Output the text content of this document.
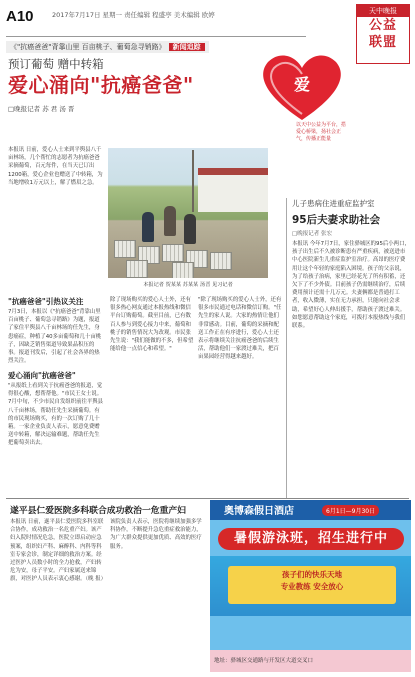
A10	2017年7月17日 星期一 责任编辑 程盛亭 美术编辑 欧婷	天中晚报
公益
联盟
《"抗癌爸爸"背靠山里 百亩桃子、葡萄急寻销路》 新闻追踪
预订葡萄 赠中转箱
爱心涌向"抗癌爸爸"	爱
以天中公益为平台，搭爱心桥梁，扬社会正气，传播正能量
□晚报记者 苏 君 汤 晋
本报讯 日前，爱心人士来到平舆县八千亩林场，几个帮忙的志愿者为抗癌爸爸采摘葡萄，百元每件，在当天已订出1200箱，爱心企业也赠送了中转箱，为当地增收1万元以上，解了燃眉之急。
本报记者 贺某某 苏某某 汤晋 见习记者
"抗癌爸爸"引热议关注
7月3日，本报以《"抗癌爸爸"背靠山里 百亩桃子、葡萄急寻销路》为题，报道了家住平舆县八千亩林场的任先生，身患癌症，种植了40多亩葡萄和几十亩桃子，因缺乏销售渠道导致果品积压的事。报道刊发后，引起了社会各界的热烈关注。
爱心涌向"抗癌爸爸"
"从报纸上看到关于抗癌爸爸的报道，觉得很心酸，想帮帮他。"市民王女士说。7月中旬，不少市民自发组织前往平舆县八千亩林场，帮助任先生采摘葡萄。有的市民现场购买，有的一次订购了几十箱。一家企业负责人表示，愿意免费赠送中转箱，解决运输难题，帮助任先生把葡萄卖出去。
除了现场购买的爱心人士外，还有很多热心网友通过本报热线和微信平台订购葡萄。截至目前，已有数百人参与到爱心接力中来，葡萄和桃子的销售情况大为改观。市民张先生说："我们能做的不多，但希望能给他一点信心和希望。"
"除了现场购买的爱心人士外，还有很多市民通过电话和微信订购。"任先生的家人说。大家的热情让他们非常感动。目前，葡萄的采摘和配送工作正在有序进行，爱心人士还表示将继续关注抗癌爸爸的后续生活，帮助他们一家渡过难关，把百亩果园经营得越来越好。
儿子患病住进重症监护室
95后夫妻求助社会
□晚报记者 张宏
本报讯 今年7月7日，家住驿城区的95后小两口，孩子出生后不久被诊断患有严重疾病，被送进市中心医院新生儿重症监护室治疗。高昂的医疗费用让这个年轻的家庭陷入困境。孩子的父亲说，为了给孩子治病，家里已经花光了所有积蓄，还欠下了不少外债。目前孩子仍需继续治疗，后续费用预计还需十几万元。夫妻俩都是普通打工者，收入微薄，实在无力承担，只能向社会求助，希望好心人伸出援手，帮助孩子渡过难关。如您愿意帮助这个家庭，可拨打本报热线与我们联系。
遂平县仁爱医院多科联合成功救治一危重产妇
本报讯 日前，遂平县仁爱医院多科室联合协作，成功救治一名危重产妇。该产妇入院时情况危急，医院立即启动应急预案，组织妇产科、麻醉科、内科等科室专家会诊，制定详细的救治方案。经过医护人员数小时的全力抢救，产妇转危为安，母子平安。产妇家属送来锦旗，对医护人员表示衷心感谢。（晚 报）
该院负责人表示，医院将继续加强多学科协作，不断提升急危重症救治能力，为广大群众提供更加优质、高效的医疗服务。
奥博森假日酒店	6月1日—9月30日
暑假游泳班，招生进行中
孩子们的快乐天地
专业教练 安全放心
地址：驿城区交通路与开发区大道交叉口
